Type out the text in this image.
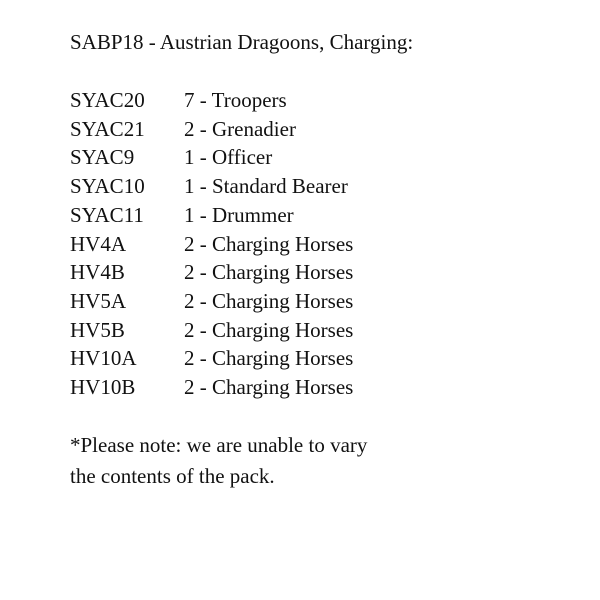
SABP18 - Austrian Dragoons, Charging:
SYAC20	7 - Troopers
SYAC21	2 - Grenadier
SYAC9	1 - Officer
SYAC10	1 - Standard Bearer
SYAC11	1 - Drummer
HV4A	2 - Charging Horses
HV4B	2 - Charging Horses
HV5A	2 - Charging Horses
HV5B	2 - Charging Horses
HV10A	2 - Charging Horses
HV10B	2 - Charging Horses

*Please note: we are unable to vary
the contents of the pack.
